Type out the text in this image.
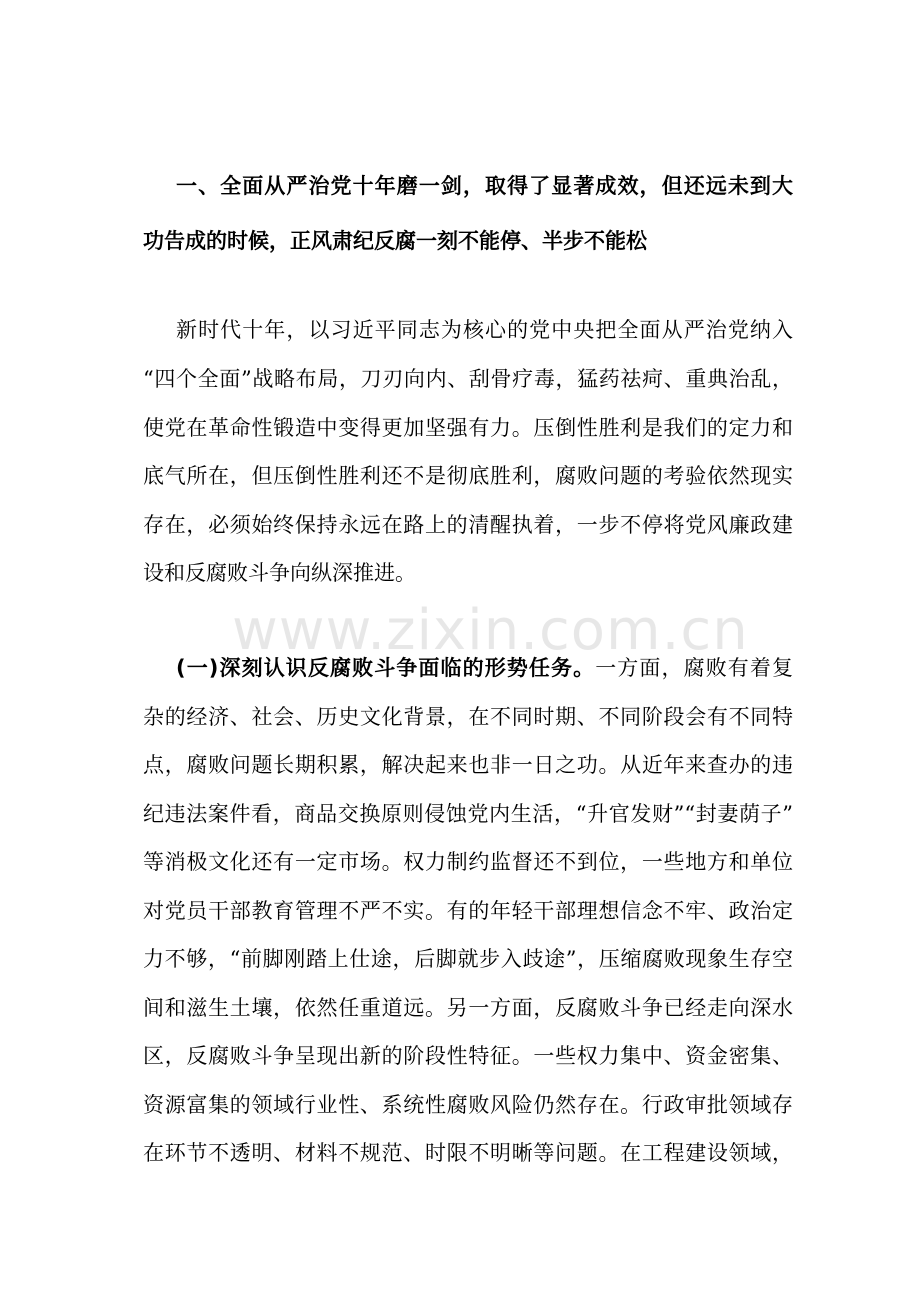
一、全面从严治党十年磨一剑，取得了显著成效，但还远未到大
功告成的时候，正风肃纪反腐一刻不能停、半步不能松
新时代十年，以习近平同志为核心的党中央把全面从严治党纳入
“四个全面”战略布局，刀刃向内、刮骨疗毒，猛药祛疴、重典治乱，
使党在革命性锻造中变得更加坚强有力。压倒性胜利是我们的定力和
底气所在，但压倒性胜利还不是彻底胜利，腐败问题的考验依然现实
存在，必须始终保持永远在路上的清醒执着，一步不停将党风廉政建
设和反腐败斗争向纵深推进。
www.zixin.com.cn
(一)深刻认识反腐败斗争面临的形势任务。一方面，腐败有着复
杂的经济、社会、历史文化背景，在不同时期、不同阶段会有不同特
点，腐败问题长期积累，解决起来也非一日之功。从近年来查办的违
纪违法案件看，商品交换原则侵蚀党内生活，“升官发财”“封妻荫子”
等消极文化还有一定市场。权力制约监督还不到位，一些地方和单位
对党员干部教育管理不严不实。有的年轻干部理想信念不牢、政治定
力不够，“前脚刚踏上仕途，后脚就步入歧途”，压缩腐败现象生存空
间和滋生土壤，依然任重道远。另一方面，反腐败斗争已经走向深水
区，反腐败斗争呈现出新的阶段性特征。一些权力集中、资金密集、
资源富集的领域行业性、系统性腐败风险仍然存在。行政审批领域存
在环节不透明、材料不规范、时限不明晰等问题。在工程建设领域，
